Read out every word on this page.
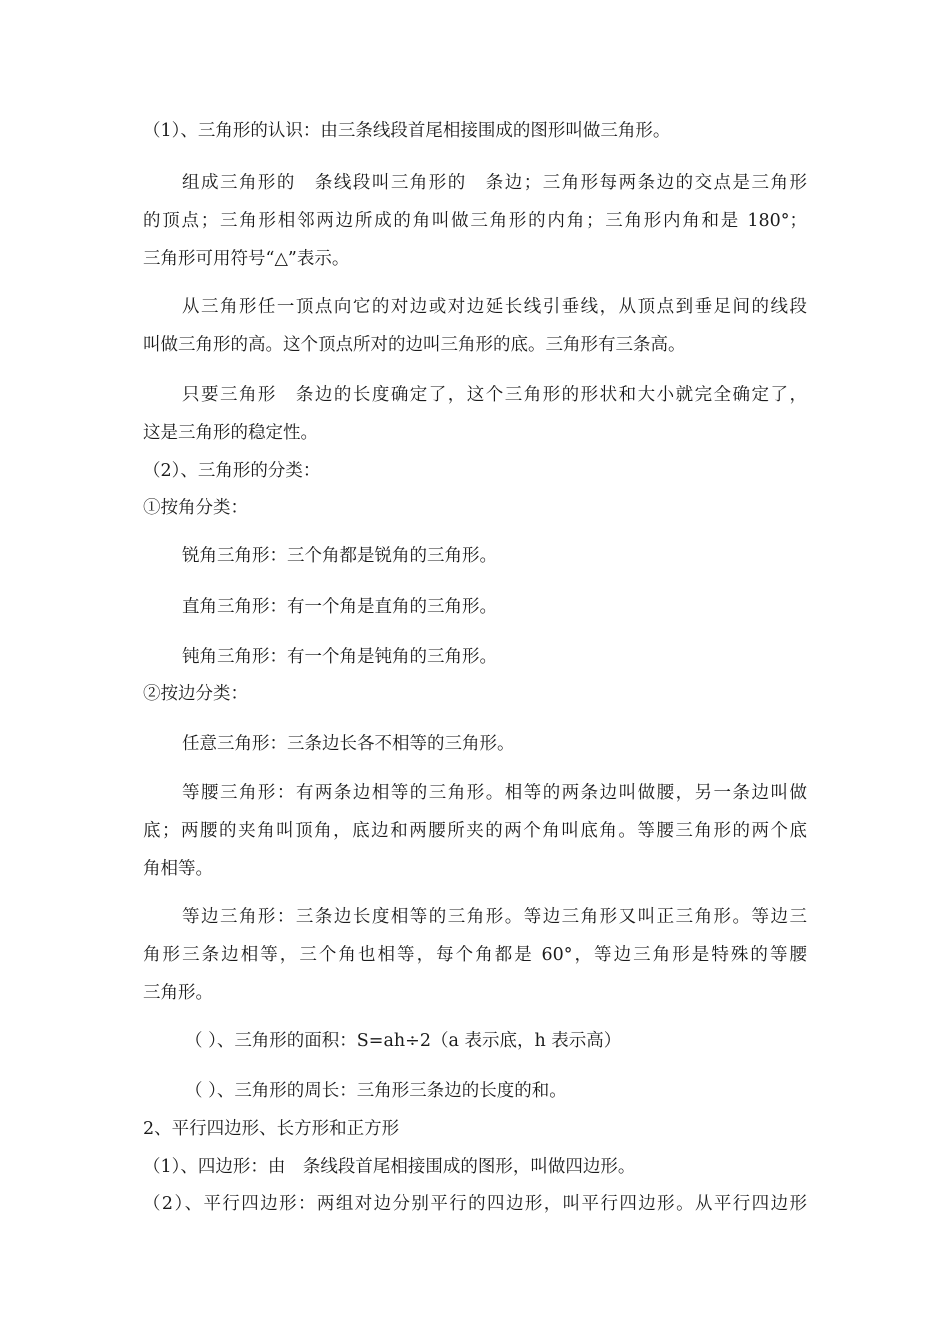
（1）、三角形的认识：由三条线段首尾相接围成的图形叫做三角形。
组成三角形的　条线段叫三角形的　条边；三角形每两条边的交点是三角形
的顶点；三角形相邻两边所成的角叫做三角形的内角；三角形内角和是 180°；
三角形可用符号“△”表示。
从三角形任一顶点向它的对边或对边延长线引垂线，从顶点到垂足间的线段
叫做三角形的高。这个顶点所对的边叫三角形的底。三角形有三条高。
只要三角形　条边的长度确定了，这个三角形的形状和大小就完全确定了，
这是三角形的稳定性。
（2）、三角形的分类：
①按角分类：
锐角三角形：三个角都是锐角的三角形。
直角三角形：有一个角是直角的三角形。
钝角三角形：有一个角是钝角的三角形。
②按边分类：
任意三角形：三条边长各不相等的三角形。
等腰三角形：有两条边相等的三角形。相等的两条边叫做腰，另一条边叫做
底；两腰的夹角叫顶角，底边和两腰所夹的两个角叫底角。等腰三角形的两个底
角相等。
等边三角形：三条边长度相等的三角形。等边三角形又叫正三角形。等边三
角形三条边相等，三个角也相等，每个角都是 60°，等边三角形是特殊的等腰
三角形。
（ ）、三角形的面积：S=ah÷2（a 表示底，h 表示高）
（ ）、三角形的周长：三角形三条边的长度的和。
2、平行四边形、长方形和正方形
（1）、四边形：由　条线段首尾相接围成的图形，叫做四边形。
（2）、平行四边形：两组对边分别平行的四边形，叫平行四边形。从平行四边形
